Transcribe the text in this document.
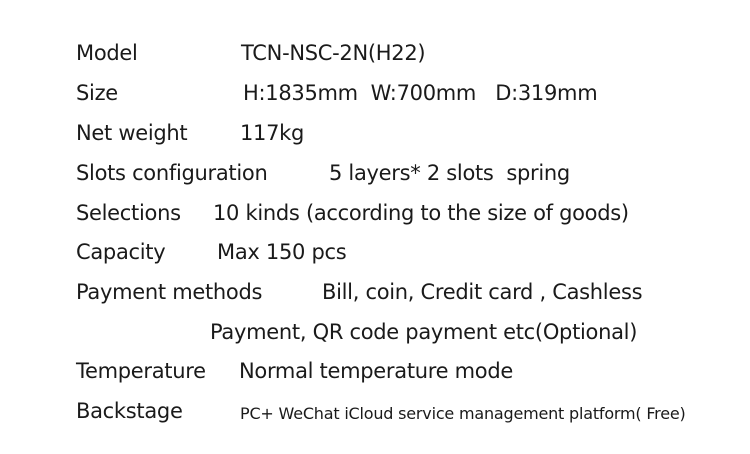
Model	TCN-NSC-2N(H22)
Size	H:1835mm  W:700mm   D:319mm
Net weight	117kg
Slots configuration	5 layers* 2 slots  spring
Selections 10 kinds (according to the size of goods)
Capacity Max 150 pcs
Payment methods	Bill, coin, Credit card , Cashless
Payment, QR code payment etc(Optional)
Temperature Normal temperature mode
Backstage	PC+ WeChat iCloud service management platform( Free)
